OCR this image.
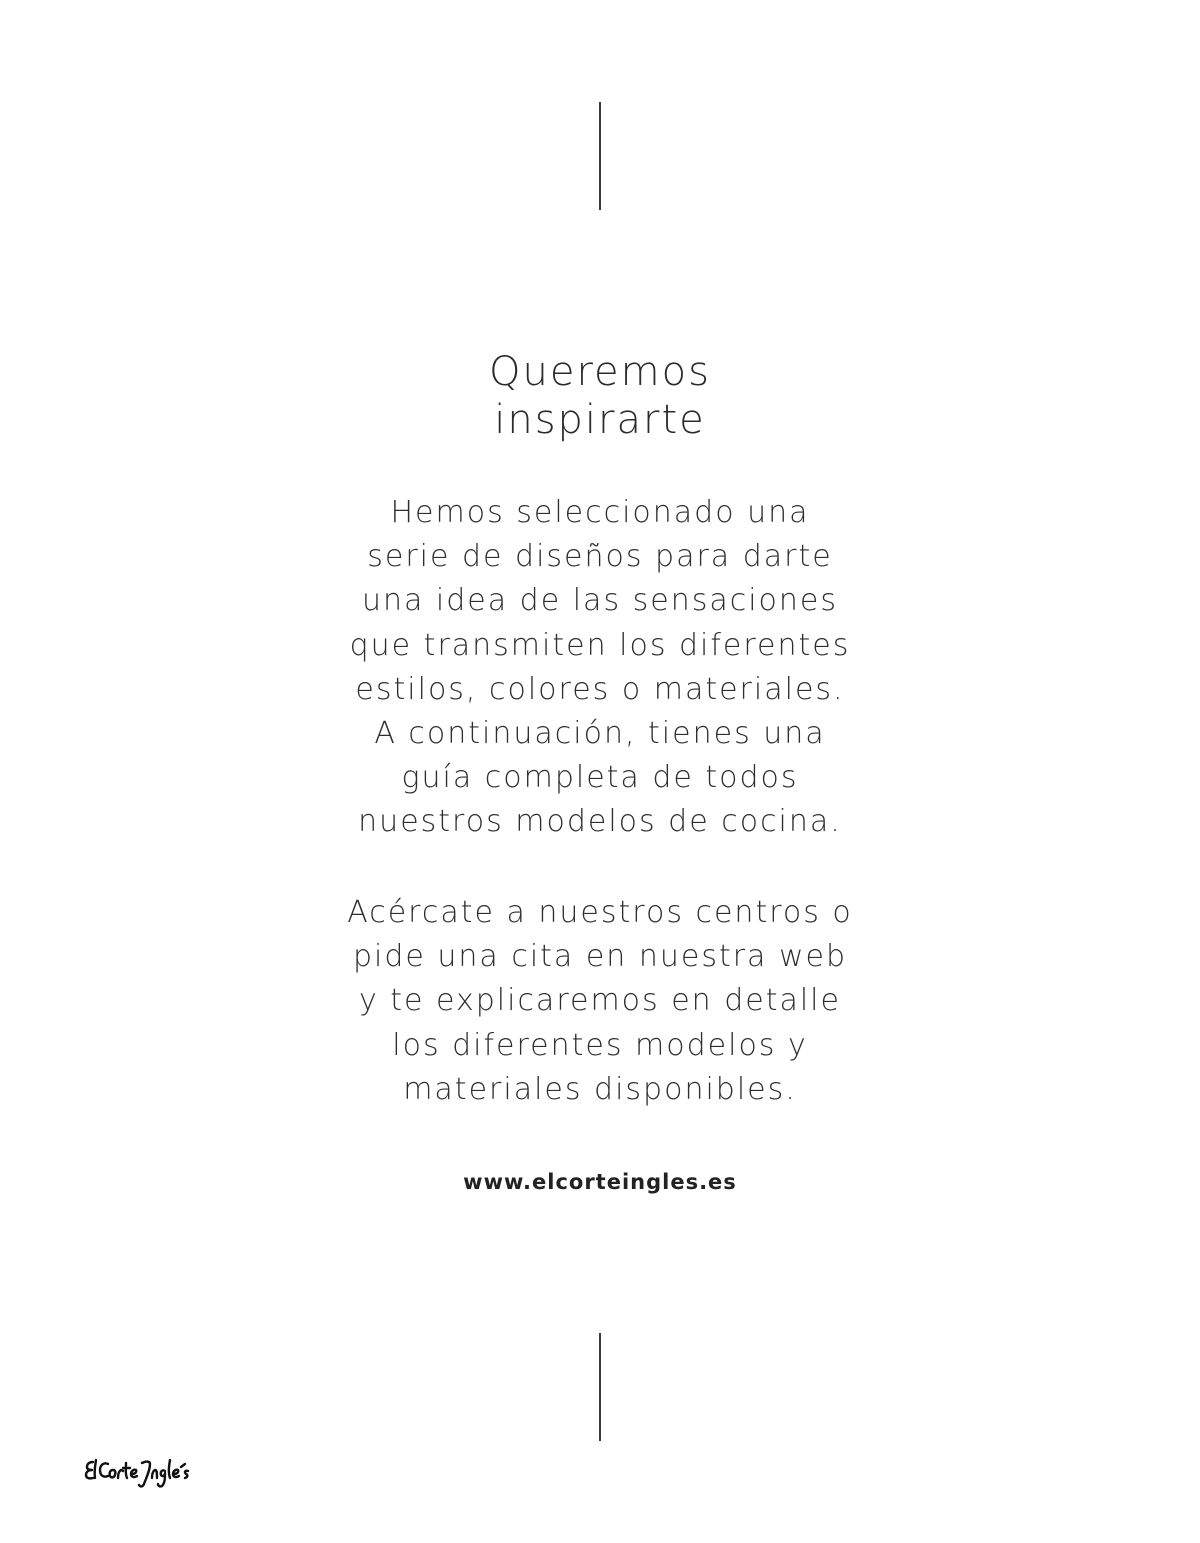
Queremos
inspirarte
Hemos seleccionado una
serie de diseños para darte
una idea de las sensaciones
que transmiten los diferentes
estilos, colores o materiales.
A continuación, tienes una
guía completa de todos
nuestros modelos de cocina.
Acércate a nuestros centros o
pide una cita en nuestra web
y te explicaremos en detalle
los diferentes modelos y
materiales disponibles.
www.elcorteingles.es
